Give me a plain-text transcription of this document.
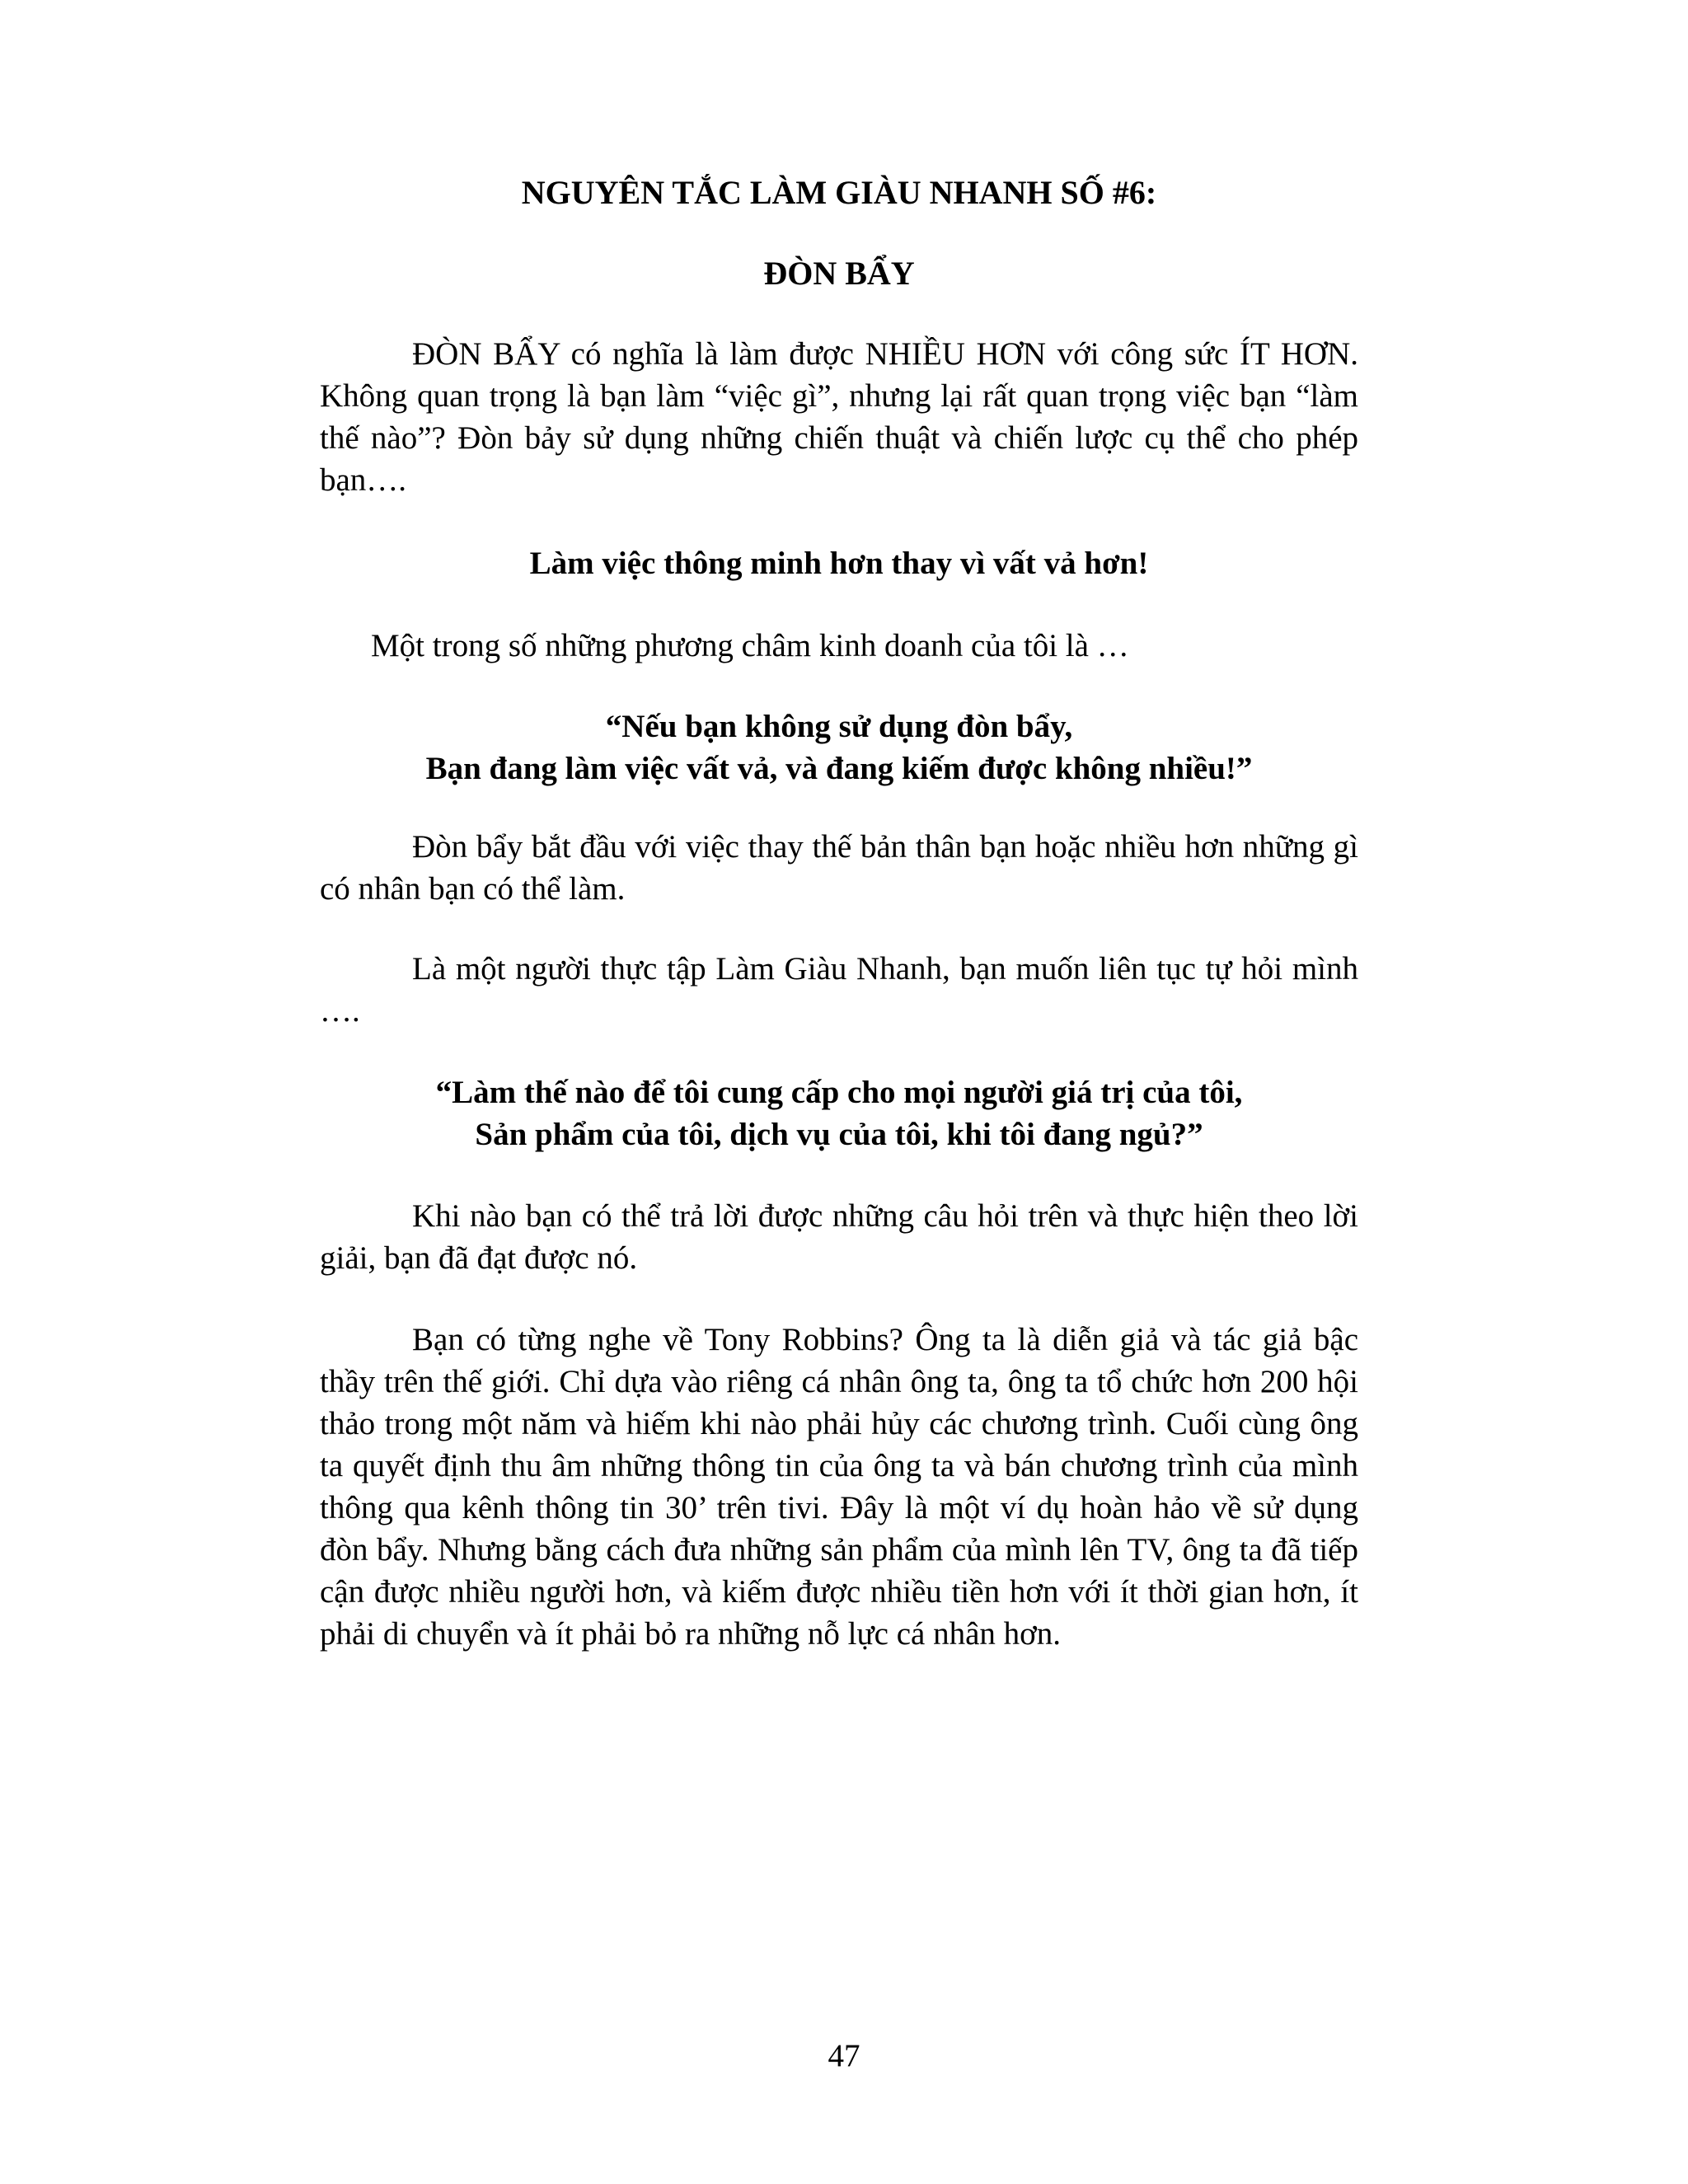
NGUYÊN TẮC LÀM GIÀU NHANH SỐ #6:
ĐÒN BẨY

ĐÒN BẨY có nghĩa là làm được NHIỀU HƠN với công sức ÍT HƠN. Không quan trọng là bạn làm “việc gì”, nhưng lại rất quan trọng việc bạn “làm thế nào”? Đòn bảy sử dụng những chiến thuật và chiến lược cụ thể cho phép bạn….

Làm việc thông minh hơn thay vì vất vả hơn!

Một trong số những phương châm kinh doanh của tôi là …

“Nếu bạn không sử dụng đòn bẩy,
Bạn đang làm việc vất vả, và đang kiếm được không nhiều!”

Đòn bẩy bắt đầu với việc thay thế bản thân bạn hoặc nhiều hơn những gì có nhân bạn có thể làm.

Là một người thực tập Làm Giàu Nhanh, bạn muốn liên tục tự hỏi mình ….

“Làm thế nào để tôi cung cấp cho mọi người giá trị của tôi,
Sản phẩm của tôi, dịch vụ của tôi, khi tôi đang ngủ?”

Khi nào bạn có thể trả lời được những câu hỏi trên và thực hiện theo lời giải, bạn đã đạt được nó.

Bạn có từng nghe về Tony Robbins? Ông ta là diễn giả và tác giả bậc thầy trên thế giới. Chỉ dựa vào riêng cá nhân ông ta, ông ta tổ chức hơn 200 hội thảo trong một năm và hiếm khi nào phải hủy các chương trình. Cuối cùng ông ta quyết định thu âm những thông tin của ông ta và bán chương trình của mình thông qua kênh thông tin 30’ trên tivi. Đây là một ví dụ hoàn hảo về sử dụng đòn bẩy. Nhưng bằng cách đưa những sản phẩm của mình lên TV, ông ta đã tiếp cận được nhiều người hơn, và kiếm được nhiều tiền hơn với ít thời gian hơn, ít phải di chuyển và ít phải bỏ ra những nỗ lực cá nhân hơn.

47
